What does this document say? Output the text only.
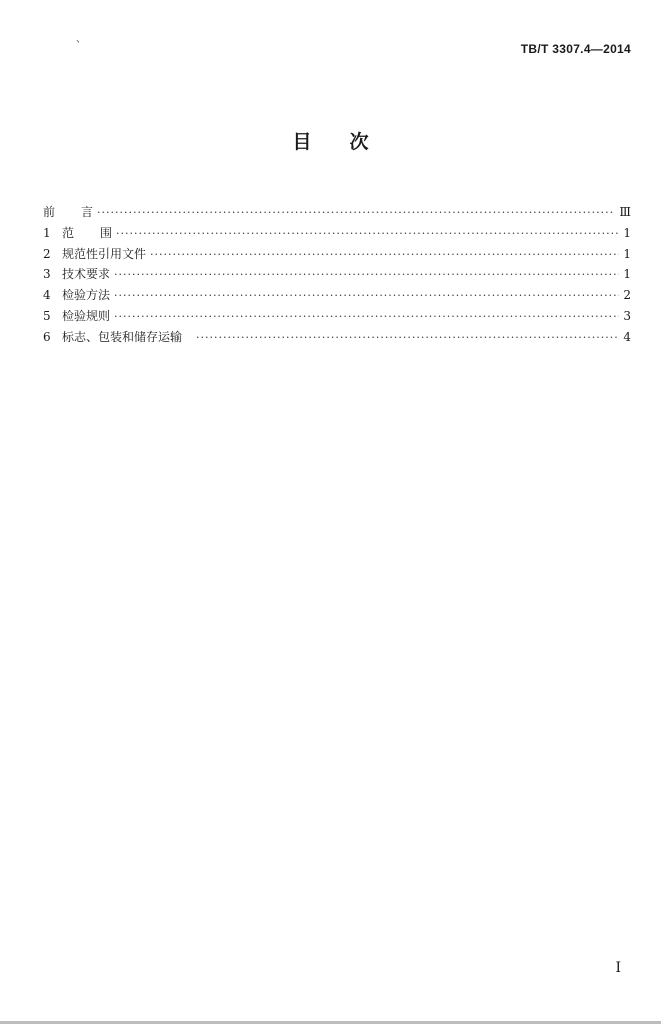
、
TB/T 3307.4—2014
目次
前言 ·····	Ⅲ
1 范围 ·····	1
2 规范性引用文件 ·····	1
3 技术要求 ·····	1
4 检验方法 ·····	2
5 检验规则 ·····	3
6 标志、包装和储存运输 ·····	4
I
